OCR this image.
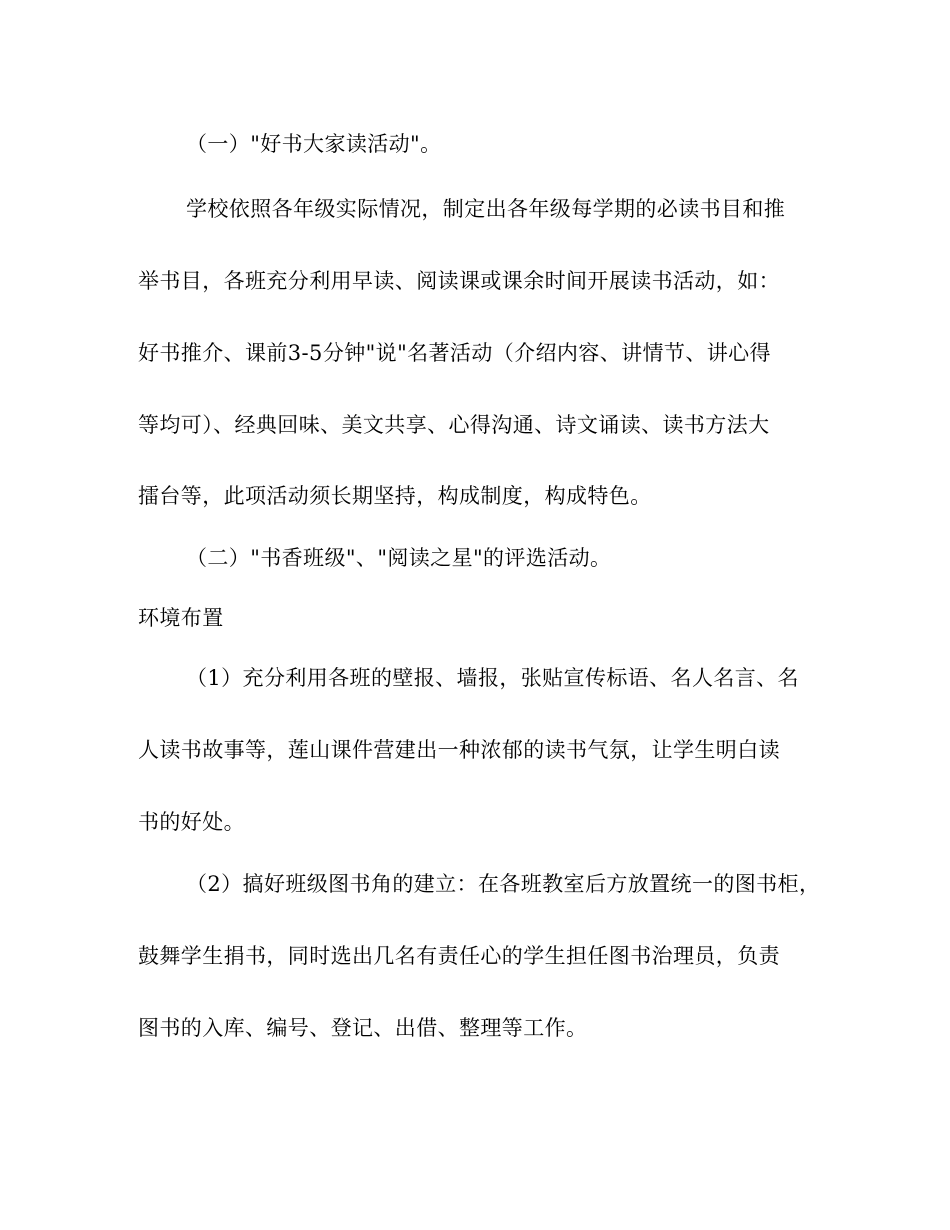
（一）"好书大家读活动"。
学校依照各年级实际情况，制定出各年级每学期的必读书目和推
举书目，各班充分利用早读、阅读课或课余时间开展读书活动，如：
好书推介、课前3-5分钟"说"名著活动（介绍内容、讲情节、讲心得
等均可）、经典回味、美文共享、心得沟通、诗文诵读、读书方法大
擂台等，此项活动须长期坚持，构成制度，构成特色。
（二）"书香班级"、"阅读之星"的评选活动。
环境布置
（1）充分利用各班的壁报、墙报，张贴宣传标语、名人名言、名
人读书故事等，莲山课件营建出一种浓郁的读书气氛，让学生明白读
书的好处。
（2）搞好班级图书角的建立：在各班教室后方放置统一的图书柜，
鼓舞学生捐书，同时选出几名有责任心的学生担任图书治理员，负责
图书的入库、编号、登记、出借、整理等工作。
